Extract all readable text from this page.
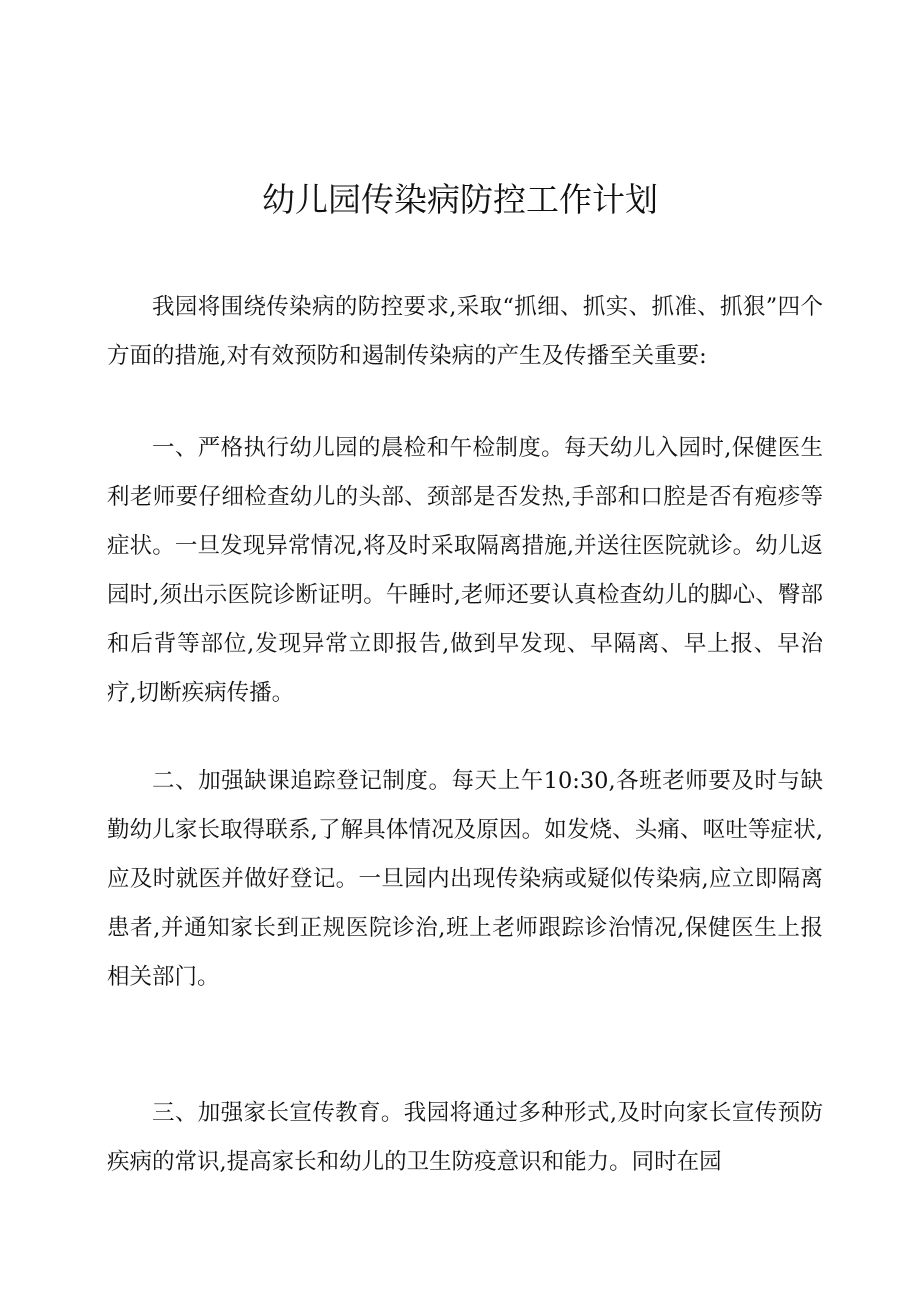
幼儿园传染病防控工作计划

我园将围绕传染病的防控要求,采取“抓细、抓实、抓准、抓狠”四个方面的措施,对有效预防和遏制传染病的产生及传播至关重要:

一、严格执行幼儿园的晨检和午检制度。每天幼儿入园时,保健医生利老师要仔细检查幼儿的头部、颈部是否发热,手部和口腔是否有疱疹等症状。一旦发现异常情况,将及时采取隔离措施,并送往医院就诊。幼儿返园时,须出示医院诊断证明。午睡时,老师还要认真检查幼儿的脚心、臀部和后背等部位,发现异常立即报告,做到早发现、早隔离、早上报、早治疗,切断疾病传播。

二、加强缺课追踪登记制度。每天上午10:30,各班老师要及时与缺勤幼儿家长取得联系,了解具体情况及原因。如发烧、头痛、呕吐等症状,应及时就医并做好登记。一旦园内出现传染病或疑似传染病,应立即隔离患者,并通知家长到正规医院诊治,班上老师跟踪诊治情况,保健医生上报相关部门。

三、加强家长宣传教育。我园将通过多种形式,及时向家长宣传预防疾病的常识,提高家长和幼儿的卫生防疫意识和能力。同时在园
